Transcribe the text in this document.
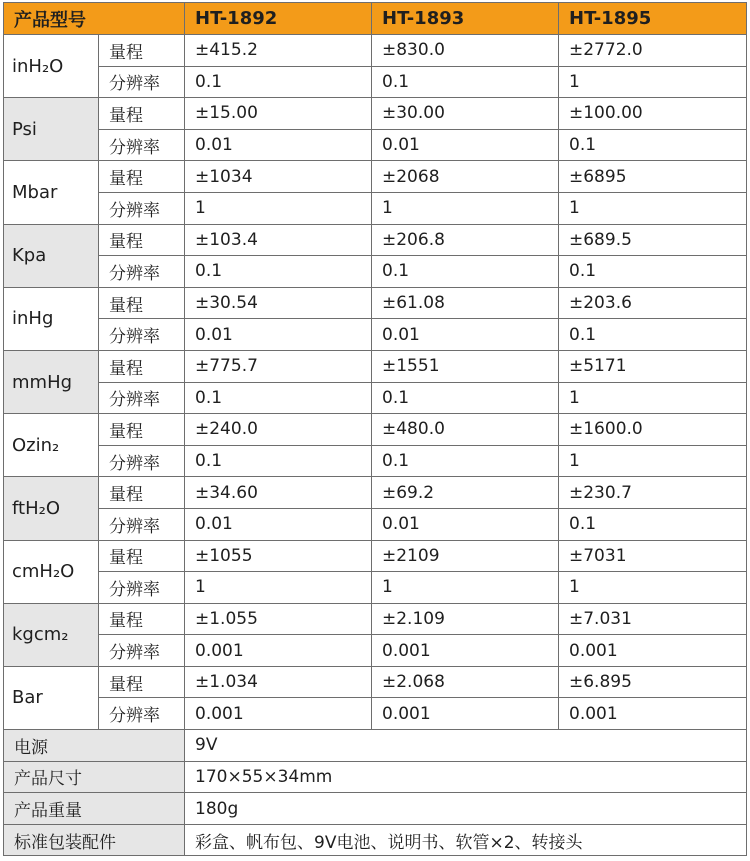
产品型号		HT-1892	HT-1893	HT-1895
inH₂O	量程	±415.2	±830.0	±2772.0
	分辨率	0.1	0.1	1
Psi	量程	±15.00	±30.00	±100.00
	分辨率	0.01	0.01	0.1
Mbar	量程	±1034	±2068	±6895
	分辨率	1	1	1
Kpa	量程	±103.4	±206.8	±689.5
	分辨率	0.1	0.1	0.1
inHg	量程	±30.54	±61.08	±203.6
	分辨率	0.01	0.01	0.1
mmHg	量程	±775.7	±1551	±5171
	分辨率	0.1	0.1	1
Ozin₂	量程	±240.0	±480.0	±1600.0
	分辨率	0.1	0.1	1
ftH₂O	量程	±34.60	±69.2	±230.7
	分辨率	0.01	0.01	0.1
cmH₂O	量程	±1055	±2109	±7031
	分辨率	1	1	1
kgcm₂	量程	±1.055	±2.109	±7.031
	分辨率	0.001	0.001	0.001
Bar	量程	±1.034	±2.068	±6.895
	分辨率	0.001	0.001	0.001
电源		9V		
产品尺寸		170×55×34mm		
产品重量		180g		
标准包装配件		彩盒、帆布包、9V电池、说明书、软管×2、转接头		
